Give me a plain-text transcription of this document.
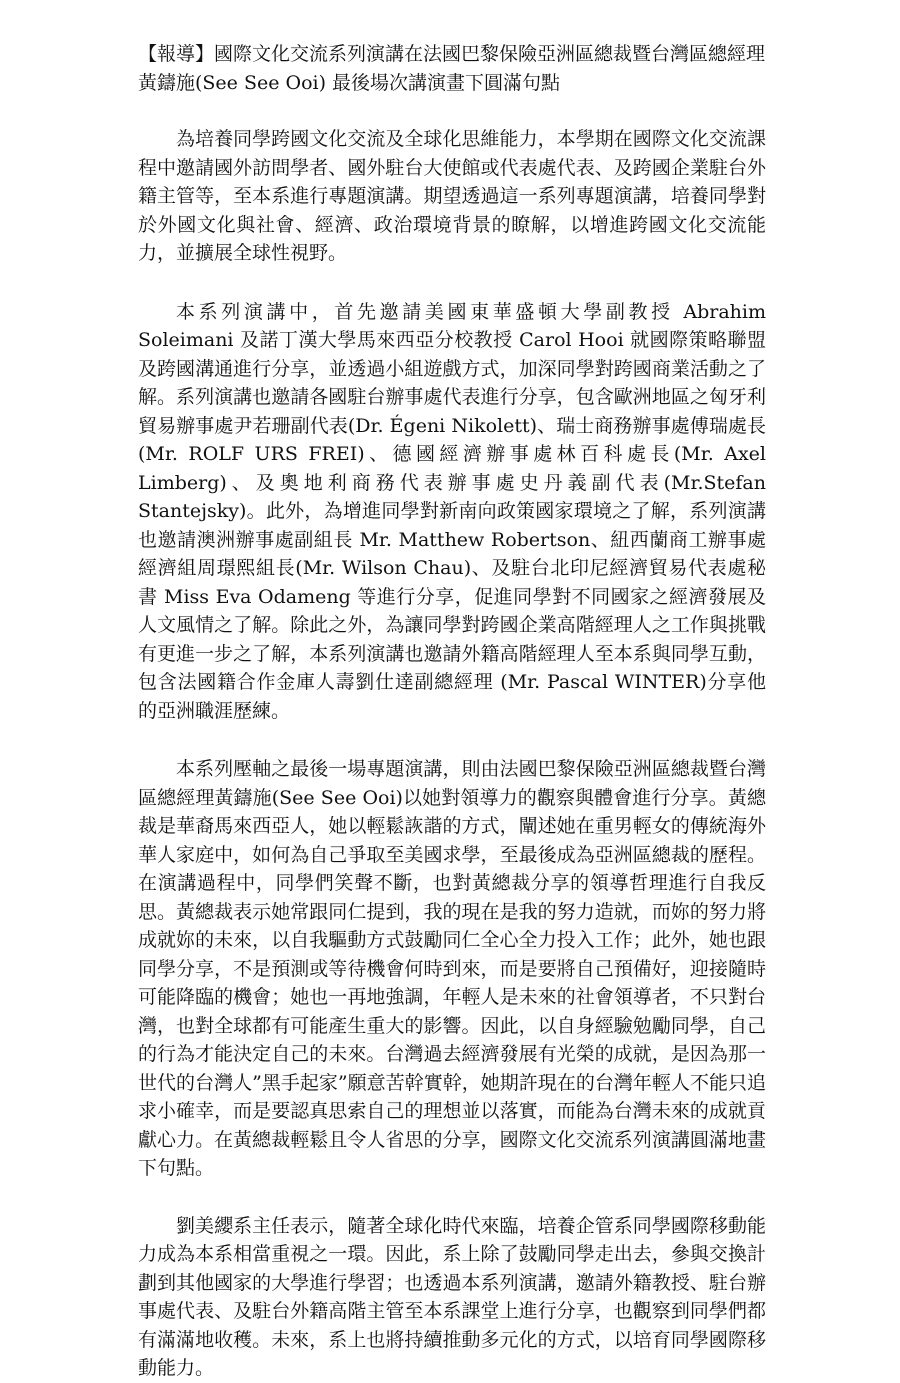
【報導】國際文化交流系列演講在法國巴黎保險亞洲區總裁暨台灣區總經理黃鑄施(See See Ooi) 最後場次講演畫下圓滿句點

為培養同學跨國文化交流及全球化思維能力，本學期在國際文化交流課程中邀請國外訪問學者、國外駐台大使館或代表處代表、及跨國企業駐台外籍主管等，至本系進行專題演講。期望透過這一系列專題演講，培養同學對於外國文化與社會、經濟、政治環境背景的瞭解，以增進跨國文化交流能力，並擴展全球性視野。

本系列演講中，首先邀請美國東華盛頓大學副教授 Abrahim Soleimani 及諾丁漢大學馬來西亞分校教授 Carol Hooi 就國際策略聯盟及跨國溝通進行分享，並透過小組遊戲方式，加深同學對跨國商業活動之了解。系列演講也邀請各國駐台辦事處代表進行分享，包含歐洲地區之匈牙利貿易辦事處尹若珊副代表(Dr. Égeni Nikolett)、瑞士商務辦事處傅瑞處長(Mr. ROLF URS FREI)、德國經濟辦事處林百科處長(Mr. Axel Limberg)、及奧地利商務代表辦事處史丹義副代表(Mr.Stefan Stantejsky)。此外，為增進同學對新南向政策國家環境之了解，系列演講也邀請澳洲辦事處副組長 Mr. Matthew Robertson、紐西蘭商工辦事處經濟組周璟熙組長(Mr. Wilson Chau)、及駐台北印尼經濟貿易代表處秘書 Miss Eva Odameng 等進行分享，促進同學對不同國家之經濟發展及人文風情之了解。除此之外，為讓同學對跨國企業高階經理人之工作與挑戰有更進一步之了解，本系列演講也邀請外籍高階經理人至本系與同學互動，包含法國籍合作金庫人壽劉仕達副總經理 (Mr. Pascal WINTER)分享他的亞洲職涯歷練。

本系列壓軸之最後一場專題演講，則由法國巴黎保險亞洲區總裁暨台灣區總經理黃鑄施(See See Ooi)以她對領導力的觀察與體會進行分享。黃總裁是華裔馬來西亞人，她以輕鬆詼諧的方式，闡述她在重男輕女的傳統海外華人家庭中，如何為自己爭取至美國求學，至最後成為亞洲區總裁的歷程。在演講過程中，同學們笑聲不斷，也對黃總裁分享的領導哲理進行自我反思。黃總裁表示她常跟同仁提到，我的現在是我的努力造就，而妳的努力將成就妳的未來，以自我驅動方式鼓勵同仁全心全力投入工作；此外，她也跟同學分享，不是預測或等待機會何時到來，而是要將自己預備好，迎接隨時可能降臨的機會；她也一再地強調，年輕人是未來的社會領導者，不只對台灣，也對全球都有可能產生重大的影響。因此，以自身經驗勉勵同學，自己的行為才能決定自己的未來。台灣過去經濟發展有光榮的成就，是因為那一世代的台灣人”黑手起家”願意苦幹實幹，她期許現在的台灣年輕人不能只追求小確幸，而是要認真思索自己的理想並以落實，而能為台灣未來的成就貢獻心力。在黃總裁輕鬆且令人省思的分享，國際文化交流系列演講圓滿地畫下句點。

劉美纓系主任表示，隨著全球化時代來臨，培養企管系同學國際移動能力成為本系相當重視之一環。因此，系上除了鼓勵同學走出去，參與交換計劃到其他國家的大學進行學習；也透過本系列演講，邀請外籍教授、駐台辦事處代表、及駐台外籍高階主管至本系課堂上進行分享，也觀察到同學們都有滿滿地收穫。未來，系上也將持續推動多元化的方式，以培育同學國際移動能力。
